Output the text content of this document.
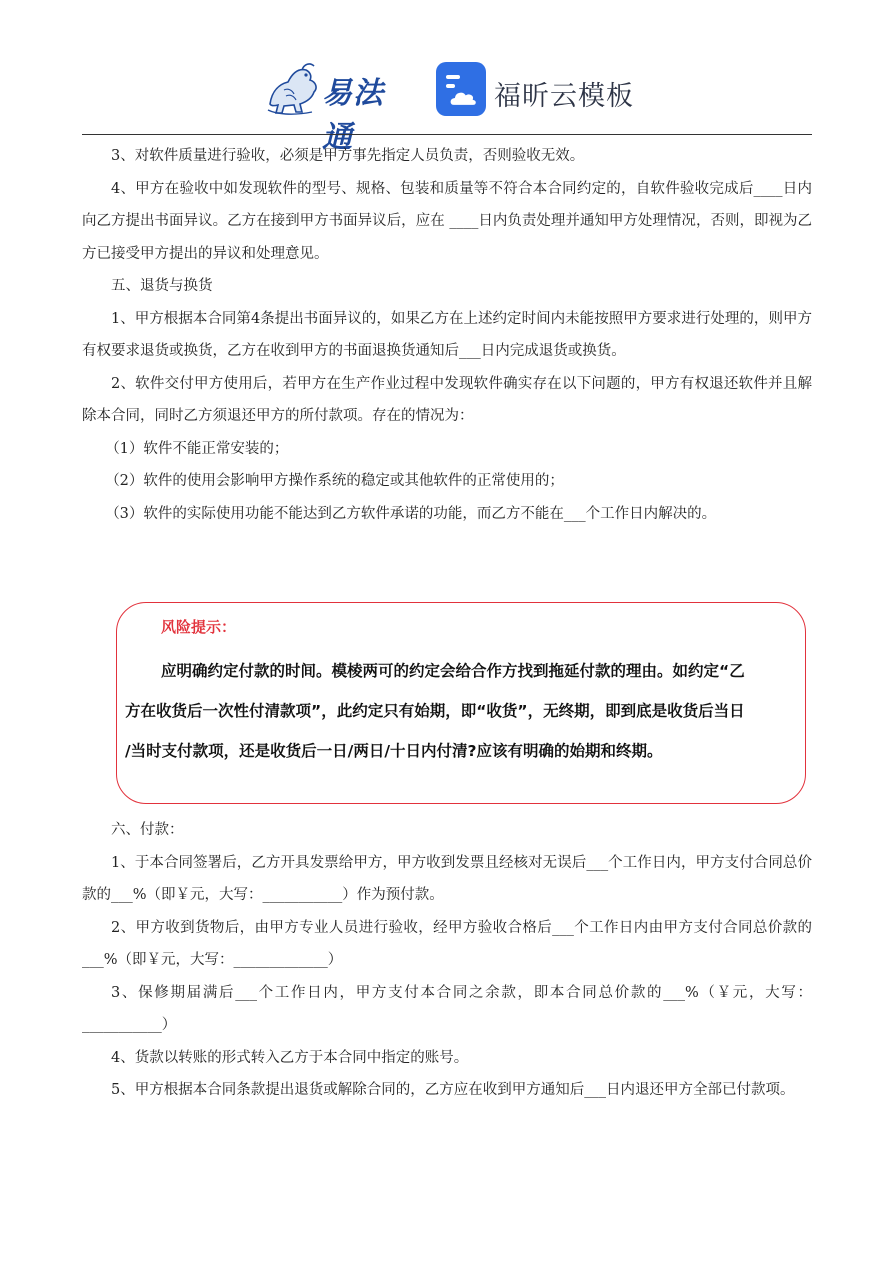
易法通
福昕云模板

3、对软件质量进行验收，必须是甲方事先指定人员负责，否则验收无效。

4、甲方在验收中如发现软件的型号、规格、包装和质量等不符合本合同约定的，自软件验收完成后____日内向乙方提出书面异议。乙方在接到甲方书面异议后，应在 ____日内负责处理并通知甲方处理情况，否则，即视为乙方已接受甲方提出的异议和处理意见。

五、退货与换货

1、甲方根据本合同第4条提出书面异议的，如果乙方在上述约定时间内未能按照甲方要求进行处理的，则甲方有权要求退货或换货，乙方在收到甲方的书面退换货通知后___日内完成退货或换货。

2、软件交付甲方使用后，若甲方在生产作业过程中发现软件确实存在以下问题的，甲方有权退还软件并且解除本合同，同时乙方须退还甲方的所付款项。存在的情况为：

（1）软件不能正常安装的；

（2）软件的使用会影响甲方操作系统的稳定或其他软件的正常使用的；

（3）软件的实际使用功能不能达到乙方软件承诺的功能，而乙方不能在___个工作日内解决的。

风险提示：

应明确约定付款的时间。模棱两可的约定会给合作方找到拖延付款的理由。如约定“乙
方在收货后一次性付清款项”，此约定只有始期，即“收货”，无终期，即到底是收货后当日
/当时支付款项，还是收货后一日/两日/十日内付清?应该有明确的始期和终期。

六、付款：

1、于本合同签署后，乙方开具发票给甲方，甲方收到发票且经核对无误后___个工作日内，甲方支付合同总价款的___%（即￥元，大写：___________）作为预付款。

2、甲方收到货物后，由甲方专业人员进行验收，经甲方验收合格后___个工作日内由甲方支付合同总价款的___%（即￥元，大写：_____________）

3、保修期届满后___个工作日内，甲方支付本合同之余款，即本合同总价款的___%（￥元，大写：___________）

4、货款以转账的形式转入乙方于本合同中指定的账号。

5、甲方根据本合同条款提出退货或解除合同的，乙方应在收到甲方通知后___日内退还甲方全部已付款项。
